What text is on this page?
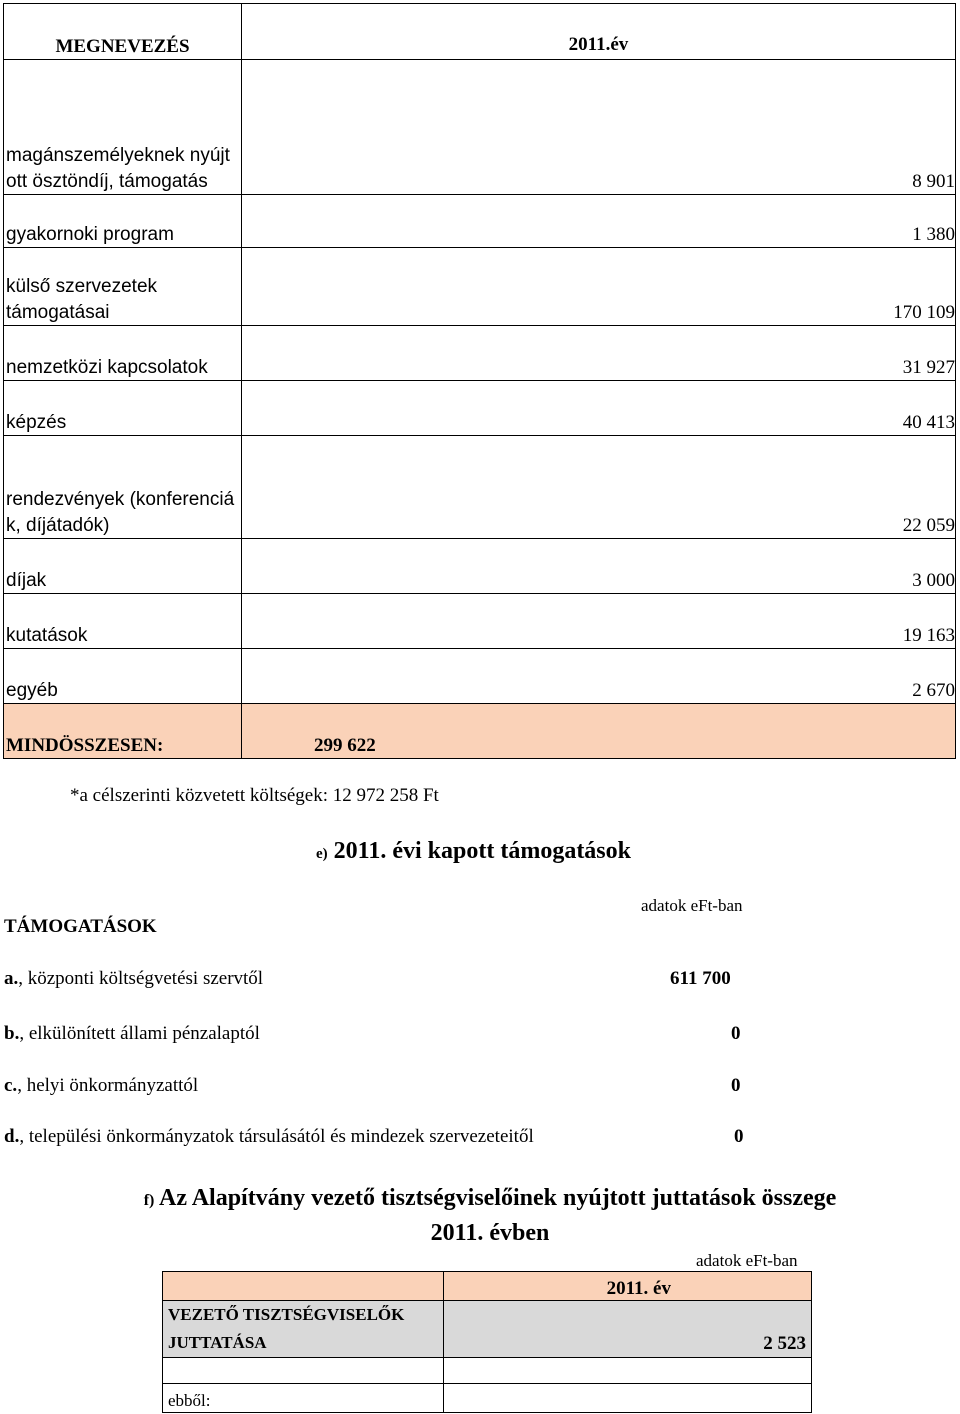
MEGNEVEZÉS	2011.év

magánszemélyeknek nyújtott ösztöndíj, támogatás	8 901

gyakornoki program	1 380

külső szervezetek támogatásai	170 109

nemzetközi kapcsolatok	31 927
képzés	40 413

rendezvények (konferenciák, díjátadók)	22 059
díjak	3 000
kutatások	19 163
egyéb	2 670

MINDÖSSZESEN:	299 622
*a célszerinti közvetett költségek: 12 972 258 Ft
e) 2011. évi kapott támogatások
adatok eFt-ban
TÁMOGATÁSOK
a., központi költségvetési szervtől	611 700
b., elkülönített állami pénzalaptól	0
c., helyi önkormányzattól	0
d., települési önkormányzatok társulásától és mindezek szervezeteitől	0
f) Az Alapítvány vezető tisztségviselőinek nyújtott juttatások összege
2011. évben
adatok eFt-ban
	2011. év

VEZETŐ TISZTSÉGVISELŐK
JUTTATÁSA	2 523

ebből:	
